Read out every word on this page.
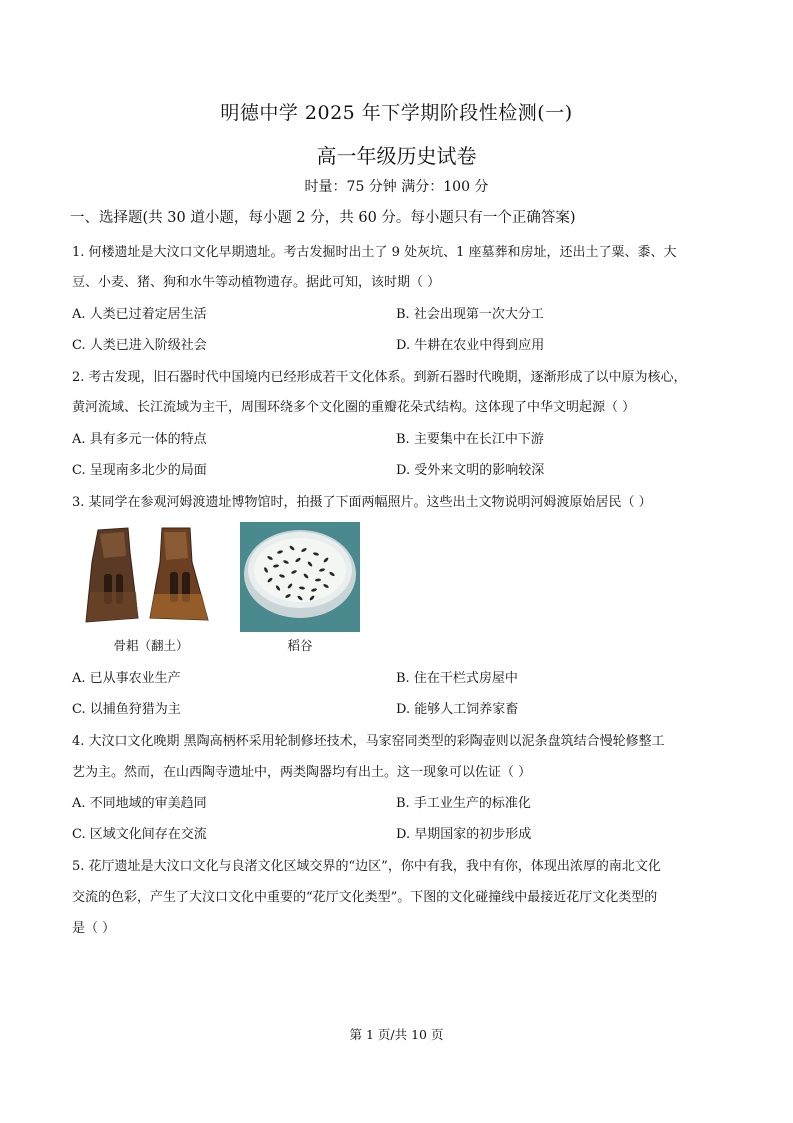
明德中学 2025 年下学期阶段性检测(一)
高一年级历史试卷
时量：75 分钟 满分：100 分
一、选择题(共 30 道小题，每小题 2 分，共 60 分。每小题只有一个正确答案)
1. 何楼遗址是大汶口文化早期遗址。考古发掘时出土了 9 处灰坑、1 座墓葬和房址，还出土了粟、黍、大
豆、小麦、猪、狗和水牛等动植物遗存。据此可知，该时期（ ）
A. 人类已过着定居生活	B. 社会出现第一次大分工
C. 人类已进入阶级社会	D. 牛耕在农业中得到应用
2. 考古发现，旧石器时代中国境内已经形成若干文化体系。到新石器时代晚期，逐渐形成了以中原为核心，
黄河流域、长江流域为主干，周围环绕多个文化圈的重瓣花朵式结构。这体现了中华文明起源（ ）
A. 具有多元一体的特点	B. 主要集中在长江中下游
C. 呈现南多北少的局面	D. 受外来文明的影响较深
3. 某同学在参观河姆渡遗址博物馆时，拍摄了下面两幅照片。这些出土文物说明河姆渡原始居民（ ）
骨耜（翻土）	稻谷
A. 已从事农业生产	B. 住在干栏式房屋中
C. 以捕鱼狩猎为主	D. 能够人工饲养家畜
4. 大汶口文化晚期 黑陶高柄杯采用轮制修坯技术，马家窑同类型的彩陶壶则以泥条盘筑结合慢轮修整工
艺为主。然而，在山西陶寺遗址中，两类陶器均有出土。这一现象可以佐证（ ）
A. 不同地域的审美趋同	B. 手工业生产的标准化
C. 区域文化间存在交流	D. 早期国家的初步形成
5. 花厅遗址是大汶口文化与良渚文化区域交界的“边区”，你中有我，我中有你，体现出浓厚的南北文化
交流的色彩，产生了大汶口文化中重要的“花厅文化类型”。下图的文化碰撞线中最接近花厅文化类型的
是（ ）
第 1 页/共 10 页
